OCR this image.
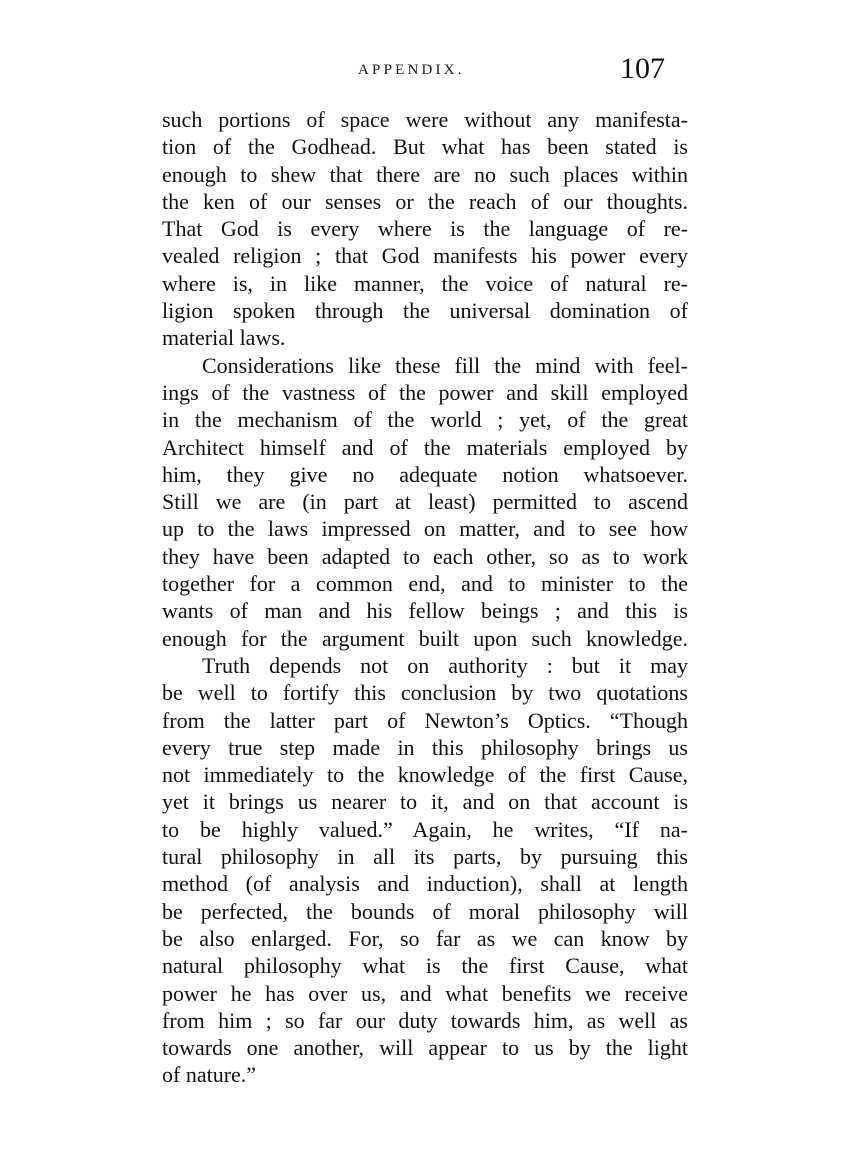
APPENDIX.	107
such portions of space were without any manifesta-
tion of the Godhead. But what has been stated is
enough to shew that there are no such places within
the ken of our senses or the reach of our thoughts.
That God is every where is the language of re-
vealed religion ; that God manifests his power every
where is, in like manner, the voice of natural re-
ligion spoken through the universal domination of
material laws.
Considerations like these fill the mind with feel-
ings of the vastness of the power and skill employed
in the mechanism of the world ; yet, of the great
Architect himself and of the materials employed by
him, they give no adequate notion whatsoever.
Still we are (in part at least) permitted to ascend
up to the laws impressed on matter, and to see how
they have been adapted to each other, so as to work
together for a common end, and to minister to the
wants of man and his fellow beings ; and this is
enough for the argument built upon such knowledge.
Truth depends not on authority : but it may
be well to fortify this conclusion by two quotations
from the latter part of Newton’s Optics. “Though
every true step made in this philosophy brings us
not immediately to the knowledge of the first Cause,
yet it brings us nearer to it, and on that account is
to be highly valued.” Again, he writes, “If na-
tural philosophy in all its parts, by pursuing this
method (of analysis and induction), shall at length
be perfected, the bounds of moral philosophy will
be also enlarged. For, so far as we can know by
natural philosophy what is the first Cause, what
power he has over us, and what benefits we receive
from him ; so far our duty towards him, as well as
towards one another, will appear to us by the light
of nature.”
